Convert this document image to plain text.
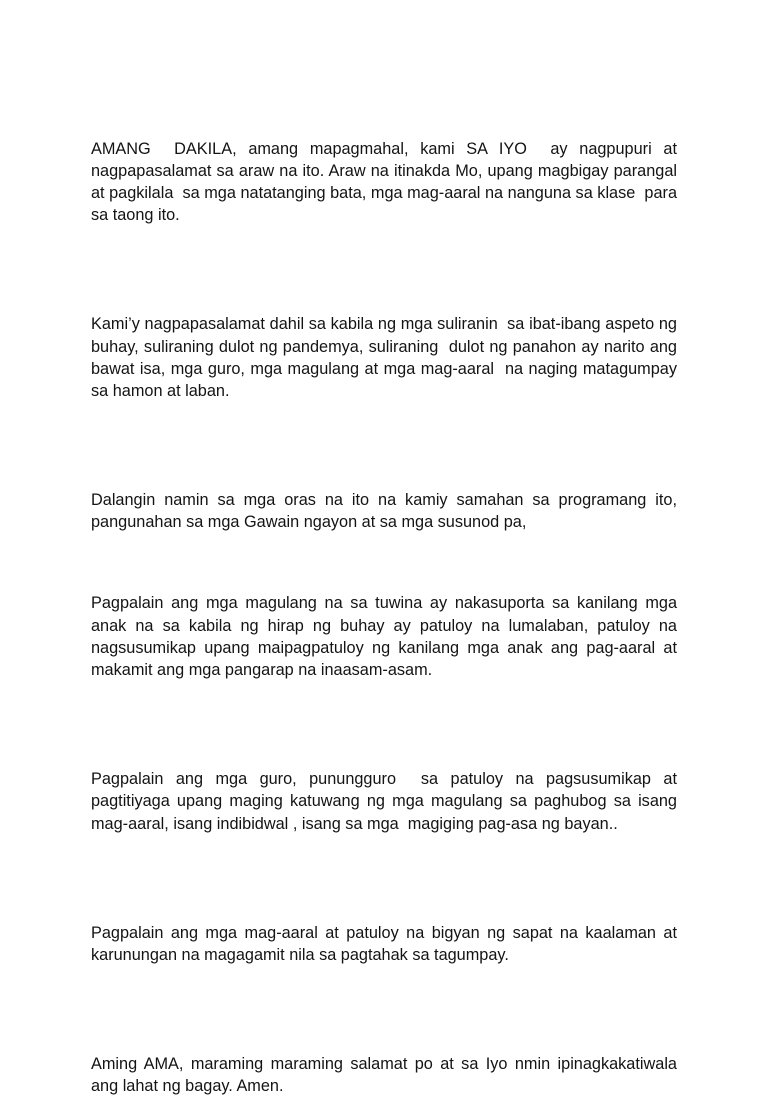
AMANG  DAKILA, amang mapagmahal, kami SA IYO  ay nagpupuri at nagpapasalamat sa araw na ito. Araw na itinakda Mo, upang magbigay parangal at pagkilala  sa mga natatanging bata, mga mag-aaral na nanguna sa klase  para sa taong ito.

Kami’y nagpapasalamat dahil sa kabila ng mga suliranin  sa ibat-ibang aspeto ng buhay, suliraning dulot ng pandemya, suliraning  dulot ng panahon ay narito ang bawat isa, mga guro, mga magulang at mga mag-aaral  na naging matagumpay sa hamon at laban.

Dalangin namin sa mga oras na ito na kamiy samahan sa programang ito, pangunahan sa mga Gawain ngayon at sa mga susunod pa,

Pagpalain ang mga magulang na sa tuwina ay nakasuporta sa kanilang mga anak na sa kabila ng hirap ng buhay ay patuloy na lumalaban, patuloy na nagsusumikap upang maipagpatuloy ng kanilang mga anak ang pag-aaral at makamit ang mga pangarap na inaasam-asam.

Pagpalain ang mga guro, punungguro  sa patuloy na pagsusumikap at pagtitiyaga upang maging katuwang ng mga magulang sa paghubog sa isang mag-aaral, isang indibidwal , isang sa mga  magiging pag-asa ng bayan..

Pagpalain ang mga mag-aaral at patuloy na bigyan ng sapat na kaalaman at karunungan na magagamit nila sa pagtahak sa tagumpay.

Aming AMA, maraming maraming salamat po at sa Iyo nmin ipinagkakatiwala ang lahat ng bagay. Amen.
